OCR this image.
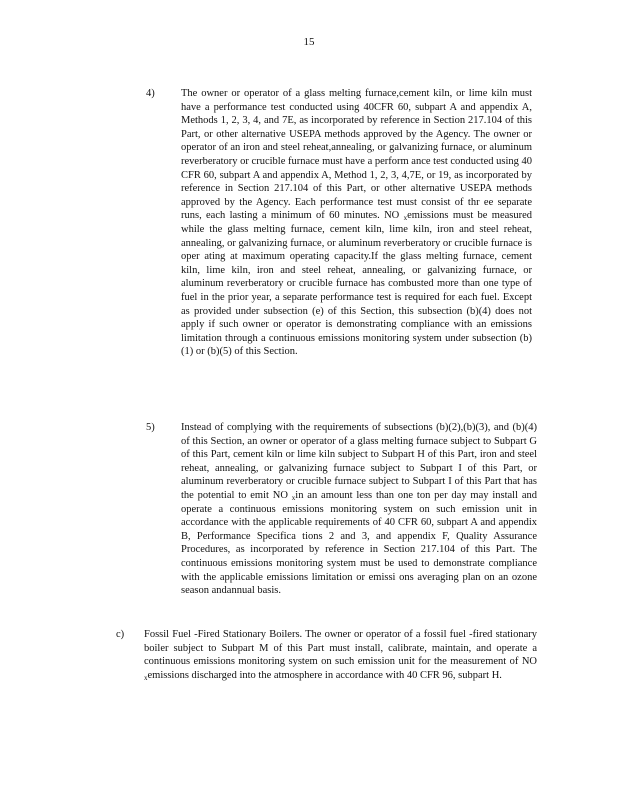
15
4)	The owner or operator of a glass melting furnace,cement kiln, or lime kiln must have a performance test conducted using 40CFR 60, subpart A and appendix A, Methods 1, 2, 3, 4, and 7E, as incorporated by reference in Section 217.104 of this Part, or other alternative USEPA methods approved by the Agency. The owner or operator of an iron and steel reheat,annealing, or galvanizing furnace, or aluminum reverberatory or crucible furnace must have a perform ance test conducted using 40 CFR 60, subpart A and appendix A, Method 1, 2, 3, 4,7E, or 19, as incorporated by reference in Section 217.104 of this Part, or other alternative USEPA methods approved by the Agency. Each performance test must consist of thr ee separate runs, each lasting a minimum of 60 minutes. NO $_x$emissions must be measured while the glass melting furnace, cement kiln, lime kiln, iron and steel reheat, annealing, or galvanizing furnace, or aluminum reverberatory or crucible furnace is oper ating at maximum operating capacity.If the glass melting furnace, cement kiln, lime kiln, iron and steel reheat, annealing, or galvanizing furnace, or aluminum reverberatory or crucible furnace has combusted more than one type of fuel in the prior year, a separate performance test is required for each fuel. Except as provided under subsection (e) of this Section, this subsection (b)(4) does not apply if such owner or operator is demonstrating compliance with an emissions limitation through a continuous emissions monitoring system under subsection (b)(1) or (b)(5) of this Section.
5)	Instead of complying with the requirements of subsections (b)(2),(b)(3), and (b)(4) of this Section, an owner or operator of a glass melting furnace subject to Subpart G of this Part, cement kiln or lime kiln subject to Subpart H of this Part, iron and steel reheat, annealing, or galvanizing furnace subject to Subpart I of this Part, or aluminum reverberatory or crucible furnace subject to Subpart I of this Part that has the potential to emit NO $_x$in an amount less than one ton per day may install and operate a continuous emissions monitoring system on such emission unit in accordance with the applicable requirements of 40 CFR 60, subpart A and appendix B, Performance Specifica tions 2 and 3, and appendix F, Quality Assurance Procedures, as incorporated by reference in Section 217.104 of this Part. The continuous emissions monitoring system must be used to demonstrate compliance with the applicable emissions limitation or emissi ons averaging plan on an ozone season andannual basis.
c) Fossil Fuel -Fired Stationary Boilers. The owner or operator of a fossil fuel -fired stationary boiler subject to Subpart M of this Part must install, calibrate, maintain, and operate a continuous emissions monitoring system on such emission unit for the measurement of NO $_x$emissions discharged into the atmosphere in accordance with 40 CFR 96, subpart H.
